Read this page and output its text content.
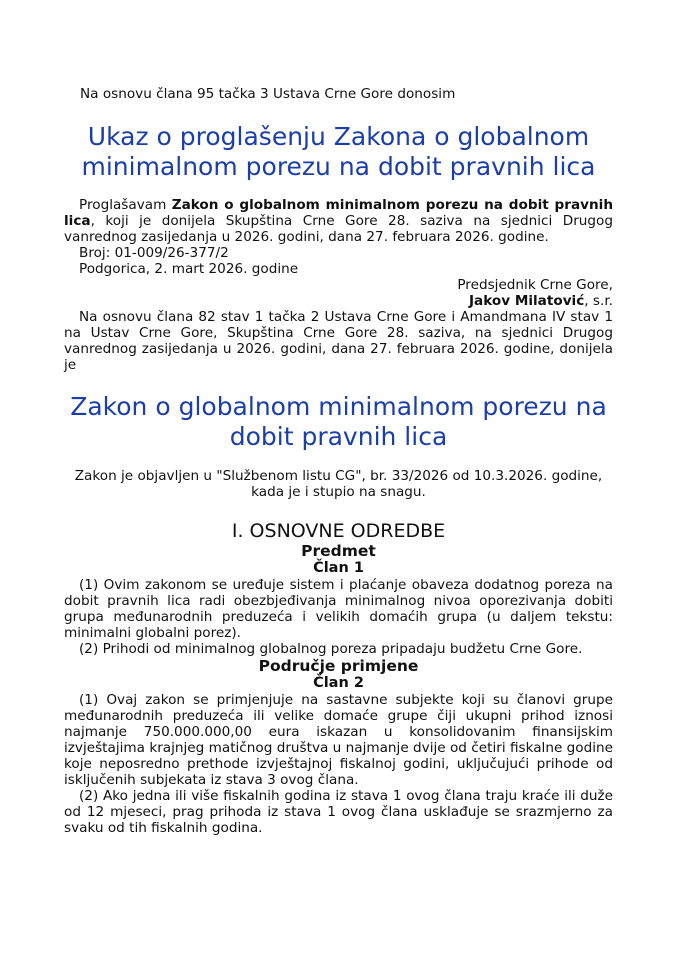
Na osnovu člana 95 tačka 3 Ustava Crne Gore donosim

Ukaz o proglašenju Zakona o globalnom minimalnom porezu na dobit pravnih lica

Proglašavam Zakon o globalnom minimalnom porezu na dobit pravnih lica, koji je donijela Skupština Crne Gore 28. saziva na sjednici Drugog vanrednog zasijedanja u 2026. godini, dana 27. februara 2026. godine.

Broj: 01-009/26-377/2

Podgorica, 2. mart 2026. godine

Predsjednik Crne Gore,

Jakov Milatović, s.r.

Na osnovu člana 82 stav 1 tačka 2 Ustava Crne Gore i Amandmana IV stav 1 na Ustav Crne Gore, Skupština Crne Gore 28. saziva, na sjednici Drugog vanrednog zasijedanja u 2026. godini, dana 27. februara 2026. godine, donijela je

Zakon o globalnom minimalnom porezu na dobit pravnih lica

Zakon je objavljen u "Službenom listu CG", br. 33/2026 od 10.3.2026. godine, kada je i stupio na snagu.

I. OSNOVNE ODREDBE
Predmet
Član 1

(1) Ovim zakonom se uređuje sistem i plaćanje obaveza dodatnog poreza na dobit pravnih lica radi obezbjeđivanja minimalnog nivoa oporezivanja dobiti grupa međunarodnih preduzeća i velikih domaćih grupa (u daljem tekstu: minimalni globalni porez).

(2) Prihodi od minimalnog globalnog poreza pripadaju budžetu Crne Gore.

Područje primjene
Član 2

(1) Ovaj zakon se primjenjuje na sastavne subjekte koji su članovi grupe međunarodnih preduzeća ili velike domaće grupe čiji ukupni prihod iznosi najmanje 750.000.000,00 eura iskazan u konsolidovanim finansijskim izvještajima krajnjeg matičnog društva u najmanje dvije od četiri fiskalne godine koje neposredno prethode izvještajnoj fiskalnoj godini, uključujući prihode od isključenih subjekata iz stava 3 ovog člana.

(2) Ako jedna ili više fiskalnih godina iz stava 1 ovog člana traju kraće ili duže od 12 mjeseci, prag prihoda iz stava 1 ovog člana usklađuje se srazmjerno za svaku od tih fiskalnih godina.
